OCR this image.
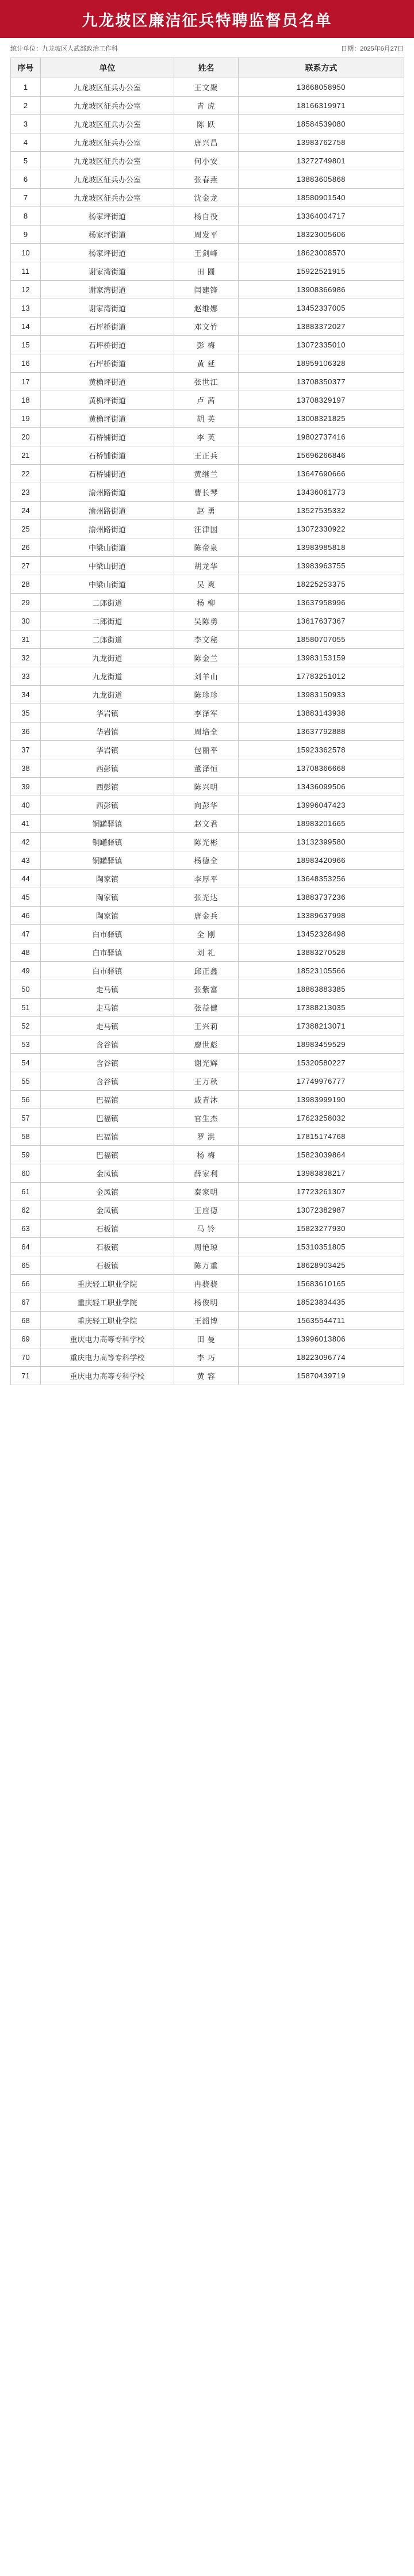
九龙坡区廉洁征兵特聘监督员名单
统计单位：九龙坡区人武部政治工作科	日期：2025年6月27日
序号	单位	姓名	联系方式
1	九龙坡区征兵办公室	王文聚	13668058950
2	九龙坡区征兵办公室	青 虎	18166319971
3	九龙坡区征兵办公室	陈 跃	18584539080
4	九龙坡区征兵办公室	唐兴昌	13983762758
5	九龙坡区征兵办公室	何小安	13272749801
6	九龙坡区征兵办公室	张春燕	13883605868
7	九龙坡区征兵办公室	沈金龙	18580901540
8	杨家坪街道	杨自役	13364004717
9	杨家坪街道	周发平	18323005606
10	杨家坪街道	王剑峰	18623008570
11	谢家湾街道	田 圆	15922521915
12	谢家湾街道	闫建锋	13908366986
13	谢家湾街道	赵维娜	13452337005
14	石坪桥街道	邓文竹	13883372027
15	石坪桥街道	彭 梅	13072335010
16	石坪桥街道	黄 延	18959106328
17	黄桷坪街道	张世江	13708350377
18	黄桷坪街道	卢 茜	13708329197
19	黄桷坪街道	胡 英	13008321825
20	石桥铺街道	李 英	19802737416
21	石桥铺街道	王正兵	15696266846
22	石桥铺街道	黄继兰	13647690666
23	渝州路街道	曹长琴	13436061773
24	渝州路街道	赵 勇	13527535332
25	渝州路街道	汪津国	13072330922
26	中梁山街道	陈帝泉	13983985818
27	中梁山街道	胡龙华	13983963755
28	中梁山街道	吴 爽	18225253375
29	二郎街道	杨 柳	13637958996
30	二郎街道	吴陈勇	13617637367
31	二郎街道	李文秘	18580707055
32	九龙街道	陈金兰	13983153159
33	九龙街道	刘羊山	17783251012
34	九龙街道	陈珍珍	13983150933
35	华岩镇	李泽军	13883143938
36	华岩镇	周培全	13637792888
37	华岩镇	包丽平	15923362578
38	西彭镇	董泽恒	13708366668
39	西彭镇	陈兴明	13436099506
40	西彭镇	向彭华	13996047423
41	铜罐驿镇	赵文君	18983201665
42	铜罐驿镇	陈光彬	13132399580
43	铜罐驿镇	杨德全	18983420966
44	陶家镇	李厚平	13648353256
45	陶家镇	张光达	13883737236
46	陶家镇	唐金兵	13389637998
47	白市驿镇	全 刚	13452328498
48	白市驿镇	刘 礼	13883270528
49	白市驿镇	邱正鑫	18523105566
50	走马镇	张紫富	18883883385
51	走马镇	张益健	17388213035
52	走马镇	王兴莉	17388213071
53	含谷镇	廖世彪	18983459529
54	含谷镇	谢光辉	15320580227
55	含谷镇	王万秋	17749976777
56	巴福镇	戚青沐	13983999190
57	巴福镇	官生杰	17623258032
58	巴福镇	罗 洪	17815174768
59	巴福镇	杨 梅	15823039864
60	金凤镇	薛家利	13983838217
61	金凤镇	秦家明	17723261307
62	金凤镇	王应德	13072382987
63	石板镇	马 铃	15823277930
64	石板镇	周艳琼	15310351805
65	石板镇	陈万重	18628903425
66	重庆轻工职业学院	冉骁骁	15683610165
67	重庆轻工职业学院	杨俊明	18523834435
68	重庆轻工职业学院	王韶博	15635544711
69	重庆电力高等专科学校	田 曼	13996013806
70	重庆电力高等专科学校	李 巧	18223096774
71	重庆电力高等专科学校	黄 容	15870439719
